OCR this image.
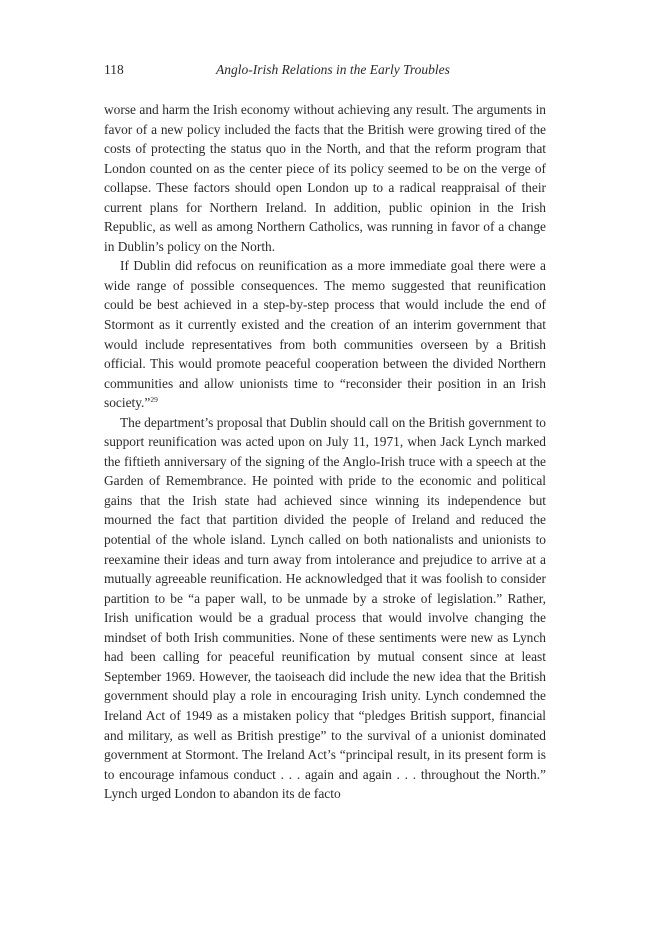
118	Anglo-Irish Relations in the Early Troubles

worse and harm the Irish economy without achieving any result. The arguments in favor of a new policy included the facts that the British were growing tired of the costs of protecting the status quo in the North, and that the reform program that London counted on as the center piece of its policy seemed to be on the verge of collapse. These factors should open London up to a radical reappraisal of their current plans for Northern Ireland. In addition, public opinion in the Irish Republic, as well as among Northern Catholics, was running in favor of a change in Dublin’s policy on the North.

If Dublin did refocus on reunification as a more immediate goal there were a wide range of possible consequences. The memo suggested that reunification could be best achieved in a step-by-step process that would include the end of Stormont as it currently existed and the creation of an interim government that would include representatives from both communities overseen by a British official. This would promote peaceful cooperation between the divided Northern communities and allow unionists time to “reconsider their position in an Irish society.”$^{29}$

The department’s proposal that Dublin should call on the British government to support reunification was acted upon on July 11, 1971, when Jack Lynch marked the fiftieth anniversary of the signing of the Anglo-Irish truce with a speech at the Garden of Remembrance. He pointed with pride to the economic and political gains that the Irish state had achieved since winning its independence but mourned the fact that partition divided the people of Ireland and reduced the potential of the whole island. Lynch called on both nationalists and unionists to reexamine their ideas and turn away from intolerance and prejudice to arrive at a mutually agreeable reunification. He acknowledged that it was foolish to consider partition to be “a paper wall, to be unmade by a stroke of legislation.” Rather, Irish unification would be a gradual process that would involve changing the mindset of both Irish communities. None of these sentiments were new as Lynch had been calling for peaceful reunification by mutual consent since at least September 1969. However, the taoiseach did include the new idea that the British government should play a role in encouraging Irish unity. Lynch condemned the Ireland Act of 1949 as a mistaken policy that “pledges British support, financial and military, as well as British prestige” to the survival of a unionist dominated government at Stormont. The Ireland Act’s “principal result, in its present form is to encourage infamous conduct . . . again and again . . . throughout the North.” Lynch urged London to abandon its de facto
